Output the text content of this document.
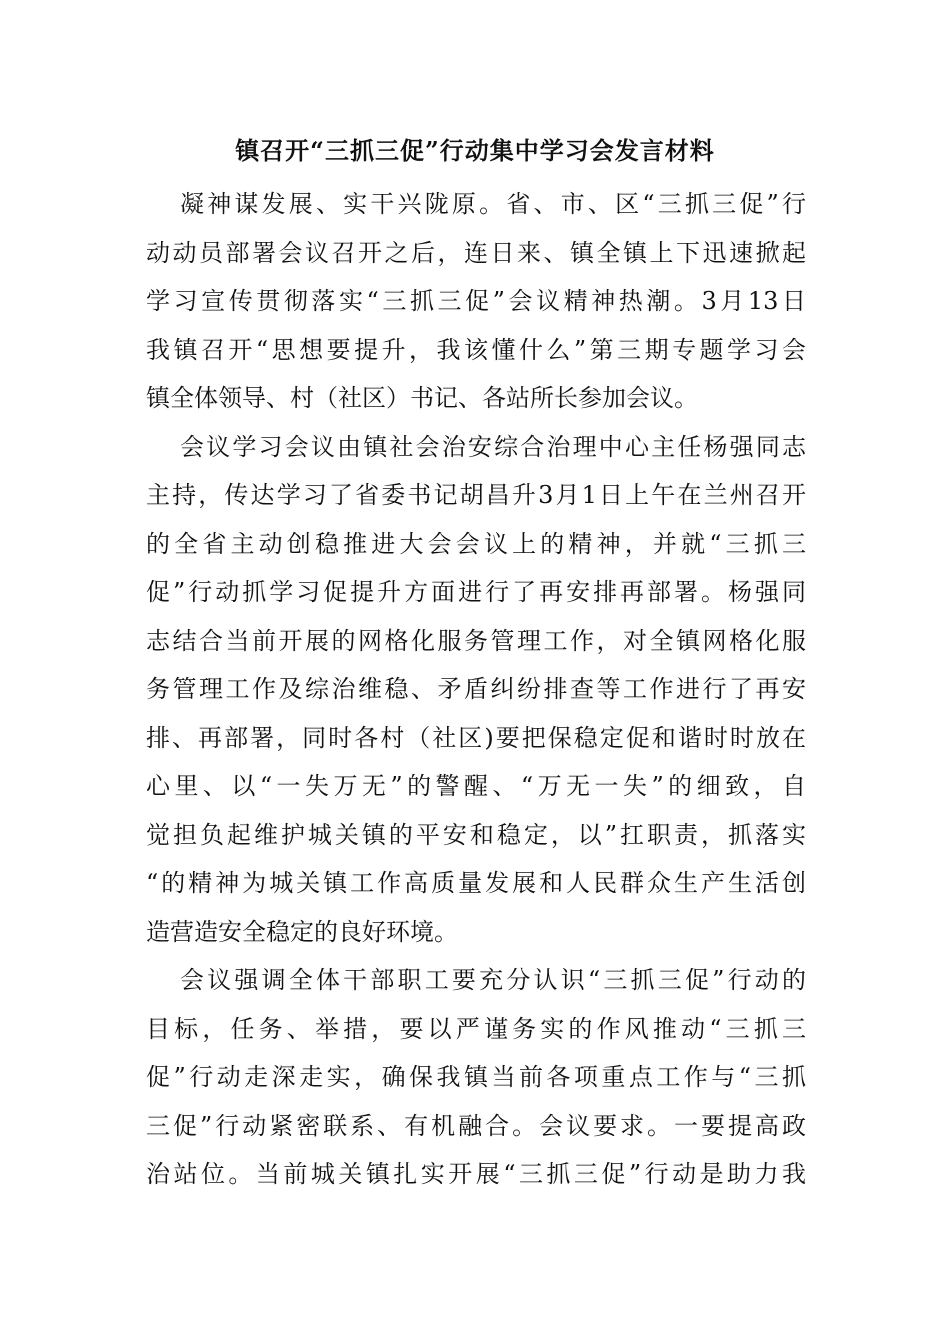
镇召开“三抓三促”行动集中学习会发言材料
凝神谋发展、实干兴陇原。省、市、区“三抓三促”行
动动员部署会议召开之后，连日来、镇全镇上下迅速掀起
学习宣传贯彻落实“三抓三促”会议精神热潮。3月13日
我镇召开“思想要提升，我该懂什么”第三期专题学习会
镇全体领导、村（社区）书记、各站所长参加会议。
会议学习会议由镇社会治安综合治理中心主任杨强同志
主持，传达学习了省委书记胡昌升3月1日上午在兰州召开
的全省主动创稳推进大会会议上的精神，并就“三抓三
促”行动抓学习促提升方面进行了再安排再部署。杨强同
志结合当前开展的网格化服务管理工作，对全镇网格化服
务管理工作及综治维稳、矛盾纠纷排查等工作进行了再安
排、再部署，同时各村（社区)要把保稳定促和谐时时放在
心里、以“一失万无”的警醒、“万无一失”的细致，自
觉担负起维护城关镇的平安和稳定，以”扛职责，抓落实
“的精神为城关镇工作高质量发展和人民群众生产生活创
造营造安全稳定的良好环境。
会议强调全体干部职工要充分认识“三抓三促”行动的
目标，任务、举措，要以严谨务实的作风推动“三抓三
促”行动走深走实，确保我镇当前各项重点工作与“三抓
三促”行动紧密联系、有机融合。会议要求。一要提高政
治站位。当前城关镇扎实开展“三抓三促”行动是助力我
